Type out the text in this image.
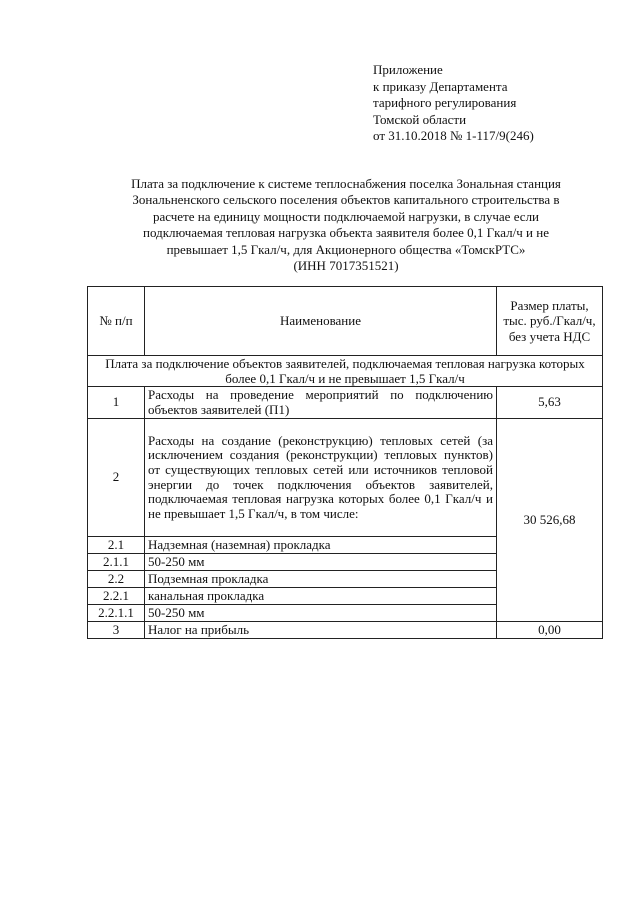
Приложение
к приказу Департамента
тарифного регулирования
Томской области
от 31.10.2018 № 1-117/9(246)
Плата за подключение к системе теплоснабжения поселка Зональная станция
Зональненского сельского поселения объектов капитального строительства в
расчете на единицу мощности подключаемой нагрузки, в случае если
подключаемая тепловая нагрузка объекта заявителя более 0,1 Гкал/ч и не
превышает 1,5 Гкал/ч, для Акционерного общества «ТомскРТС»
(ИНН 7017351521)
№ п/п	Наименование	Размер платы, тыс. руб./Гкал/ч, без учета НДС
Плата за подключение объектов заявителей, подключаемая тепловая нагрузка которых более 0,1 Гкал/ч и не превышает 1,5 Гкал/ч		
1	Расходы на проведение мероприятий по подключению объектов заявителей (П1)	5,63
2	Расходы на создание (реконструкцию) тепловых сетей (за исключением создания (реконструкции) тепловых пунктов) от существующих тепловых сетей или источников тепловой энергии до точек подключения объектов заявителей, подключаемая тепловая нагрузка которых более 0,1 Гкал/ч и не превышает 1,5 Гкал/ч, в том числе:	30 526,68
2.1	Надземная (наземная) прокладка	
2.1.1	50-250 мм	
2.2	Подземная прокладка	
2.2.1	канальная прокладка	
2.2.1.1	50-250 мм	
3	Налог на прибыль	0,00
